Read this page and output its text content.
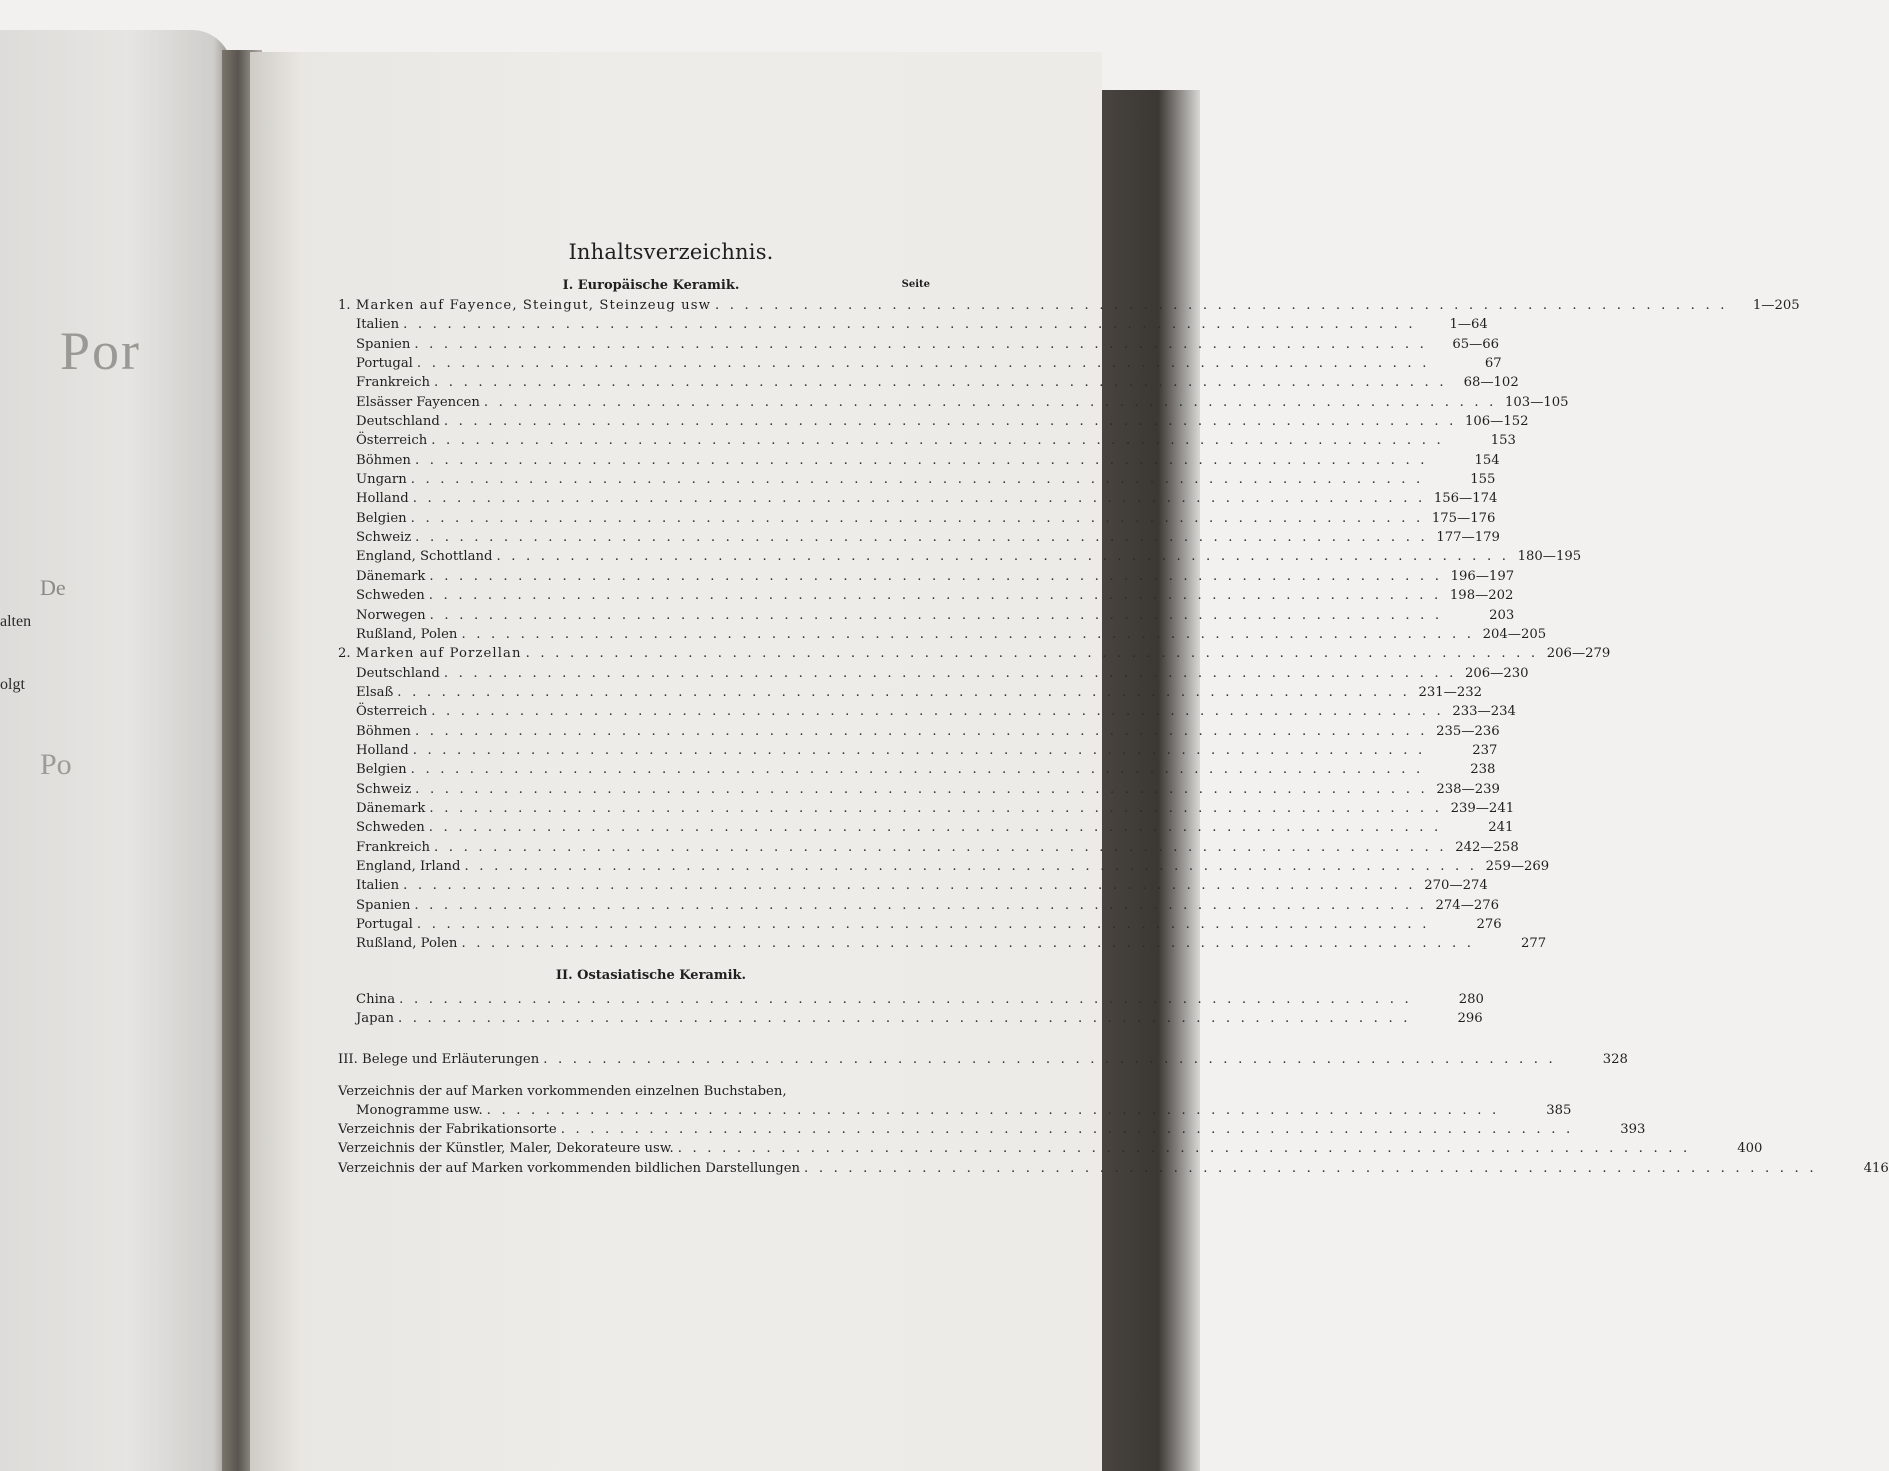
Por
De
alten
olgt
Po
Inhaltsverzeichnis.
I. Europäische Keramik.	Seite
1. Marken auf Fayence, Steingut, Steinzeug usw . . . . . . . . . . . . . . . . . . . . . . . . . . . . . . . . . . . . . . . . . . . . . . . . . . . . . . . . . . . . . . . . . . . . .	1—205
Italien . . . . . . . . . . . . . . . . . . . . . . . . . . . . . . . . . . . . . . . . . . . . . . . . . . . . . . . . . . . . . . . . . . . . .	1—64
Spanien . . . . . . . . . . . . . . . . . . . . . . . . . . . . . . . . . . . . . . . . . . . . . . . . . . . . . . . . . . . . . . . . . . . . .	65—66
Portugal . . . . . . . . . . . . . . . . . . . . . . . . . . . . . . . . . . . . . . . . . . . . . . . . . . . . . . . . . . . . . . . . . . . . .	67
Frankreich . . . . . . . . . . . . . . . . . . . . . . . . . . . . . . . . . . . . . . . . . . . . . . . . . . . . . . . . . . . . . . . . . . . . .	68—102
Elsässer Fayencen . . . . . . . . . . . . . . . . . . . . . . . . . . . . . . . . . . . . . . . . . . . . . . . . . . . . . . . . . . . . . . . . . . . . . 103—105
Deutschland . . . . . . . . . . . . . . . . . . . . . . . . . . . . . . . . . . . . . . . . . . . . . . . . . . . . . . . . . . . . . . . . . . . . . 106—152
Österreich . . . . . . . . . . . . . . . . . . . . . . . . . . . . . . . . . . . . . . . . . . . . . . . . . . . . . . . . . . . . . . . . . . . . .	153
Böhmen . . . . . . . . . . . . . . . . . . . . . . . . . . . . . . . . . . . . . . . . . . . . . . . . . . . . . . . . . . . . . . . . . . . . .	154
Ungarn . . . . . . . . . . . . . . . . . . . . . . . . . . . . . . . . . . . . . . . . . . . . . . . . . . . . . . . . . . . . . . . . . . . . .	155
Holland . . . . . . . . . . . . . . . . . . . . . . . . . . . . . . . . . . . . . . . . . . . . . . . . . . . . . . . . . . . . . . . . . . . . . 156—174
Belgien . . . . . . . . . . . . . . . . . . . . . . . . . . . . . . . . . . . . . . . . . . . . . . . . . . . . . . . . . . . . . . . . . . . . . 175—176
Schweiz . . . . . . . . . . . . . . . . . . . . . . . . . . . . . . . . . . . . . . . . . . . . . . . . . . . . . . . . . . . . . . . . . . . . . 177—179
England, Schottland . . . . . . . . . . . . . . . . . . . . . . . . . . . . . . . . . . . . . . . . . . . . . . . . . . . . . . . . . . . . . . . . . . . . . 180—195
Dänemark . . . . . . . . . . . . . . . . . . . . . . . . . . . . . . . . . . . . . . . . . . . . . . . . . . . . . . . . . . . . . . . . . . . . . 196—197
Schweden . . . . . . . . . . . . . . . . . . . . . . . . . . . . . . . . . . . . . . . . . . . . . . . . . . . . . . . . . . . . . . . . . . . . . 198—202
Norwegen . . . . . . . . . . . . . . . . . . . . . . . . . . . . . . . . . . . . . . . . . . . . . . . . . . . . . . . . . . . . . . . . . . . . .	203
Rußland, Polen . . . . . . . . . . . . . . . . . . . . . . . . . . . . . . . . . . . . . . . . . . . . . . . . . . . . . . . . . . . . . . . . . . . . . 204—205
2. Marken auf Porzellan . . . . . . . . . . . . . . . . . . . . . . . . . . . . . . . . . . . . . . . . . . . . . . . . . . . . . . . . . . . . . . . . . . . . . 206—279
Deutschland . . . . . . . . . . . . . . . . . . . . . . . . . . . . . . . . . . . . . . . . . . . . . . . . . . . . . . . . . . . . . . . . . . . . . 206—230
Elsaß . . . . . . . . . . . . . . . . . . . . . . . . . . . . . . . . . . . . . . . . . . . . . . . . . . . . . . . . . . . . . . . . . . . . . 231—232
Österreich . . . . . . . . . . . . . . . . . . . . . . . . . . . . . . . . . . . . . . . . . . . . . . . . . . . . . . . . . . . . . . . . . . . . . 233—234
Böhmen . . . . . . . . . . . . . . . . . . . . . . . . . . . . . . . . . . . . . . . . . . . . . . . . . . . . . . . . . . . . . . . . . . . . . 235—236
Holland . . . . . . . . . . . . . . . . . . . . . . . . . . . . . . . . . . . . . . . . . . . . . . . . . . . . . . . . . . . . . . . . . . . . .	237
Belgien . . . . . . . . . . . . . . . . . . . . . . . . . . . . . . . . . . . . . . . . . . . . . . . . . . . . . . . . . . . . . . . . . . . . .	238
Schweiz . . . . . . . . . . . . . . . . . . . . . . . . . . . . . . . . . . . . . . . . . . . . . . . . . . . . . . . . . . . . . . . . . . . . . 238—239
Dänemark . . . . . . . . . . . . . . . . . . . . . . . . . . . . . . . . . . . . . . . . . . . . . . . . . . . . . . . . . . . . . . . . . . . . . 239—241
Schweden . . . . . . . . . . . . . . . . . . . . . . . . . . . . . . . . . . . . . . . . . . . . . . . . . . . . . . . . . . . . . . . . . . . . .	241
Frankreich . . . . . . . . . . . . . . . . . . . . . . . . . . . . . . . . . . . . . . . . . . . . . . . . . . . . . . . . . . . . . . . . . . . . . 242—258
England, Irland . . . . . . . . . . . . . . . . . . . . . . . . . . . . . . . . . . . . . . . . . . . . . . . . . . . . . . . . . . . . . . . . . . . . . 259—269
Italien . . . . . . . . . . . . . . . . . . . . . . . . . . . . . . . . . . . . . . . . . . . . . . . . . . . . . . . . . . . . . . . . . . . . . 270—274
Spanien . . . . . . . . . . . . . . . . . . . . . . . . . . . . . . . . . . . . . . . . . . . . . . . . . . . . . . . . . . . . . . . . . . . . . 274—276
Portugal . . . . . . . . . . . . . . . . . . . . . . . . . . . . . . . . . . . . . . . . . . . . . . . . . . . . . . . . . . . . . . . . . . . . .	276
Rußland, Polen . . . . . . . . . . . . . . . . . . . . . . . . . . . . . . . . . . . . . . . . . . . . . . . . . . . . . . . . . . . . . . . . . . . . .	277
II. Ostasiatische Keramik.
China . . . . . . . . . . . . . . . . . . . . . . . . . . . . . . . . . . . . . . . . . . . . . . . . . . . . . . . . . . . . . . . . . . . . .	280
Japan . . . . . . . . . . . . . . . . . . . . . . . . . . . . . . . . . . . . . . . . . . . . . . . . . . . . . . . . . . . . . . . . . . . . .	296
III. Belege und Erläuterungen . . . . . . . . . . . . . . . . . . . . . . . . . . . . . . . . . . . . . . . . . . . . . . . . . . . . . . . . . . . . . . . . . . . . .	328
Verzeichnis der auf Marken vorkommenden einzelnen Buchstaben,
Monogramme usw. . . . . . . . . . . . . . . . . . . . . . . . . . . . . . . . . . . . . . . . . . . . . . . . . . . . . . . . . . . . . . . . . . . . . .	385
Verzeichnis der Fabrikationsorte . . . . . . . . . . . . . . . . . . . . . . . . . . . . . . . . . . . . . . . . . . . . . . . . . . . . . . . . . . . . . . . . . . . . .	393
Verzeichnis der Künstler, Maler, Dekorateure usw. . . . . . . . . . . . . . . . . . . . . . . . . . . . . . . . . . . . . . . . . . . . . . . . . . . . . . . . . . . . . . . . . . . . . .	400
Verzeichnis der auf Marken vorkommenden bildlichen Darstellungen . . . . . . . . . . . . . . . . . . . . . . . . . . . . . . . . . . . . . . . . . . . . . . . . . . . . . . . . . . . . . . . . . . . . .	416
